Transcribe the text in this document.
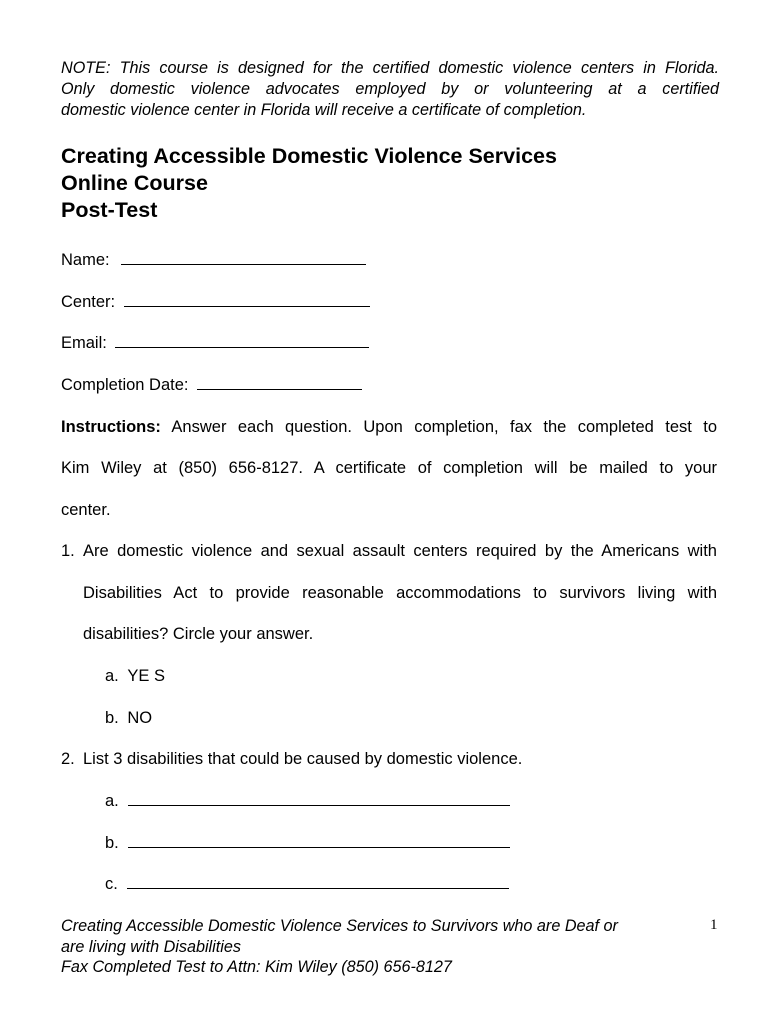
NOTE: This course is designed for the certified domestic violence centers in Florida.
Only domestic violence advocates employed by or volunteering at a certified
domestic violence center in Florida will receive a certificate of completion.
Creating Accessible Domestic Violence Services
Online Course
Post-Test
Name:
Center:
Email:
Completion Date:
Instructions: Answer each question. Upon completion, fax the completed test to
Kim Wiley at (850) 656-8127. A certificate of completion will be mailed to your
center.
1. Are domestic violence and sexual assault centers required by the Americans with
Disabilities Act to provide reasonable accommodations to survivors living with
disabilities? Circle your answer.
a. YE S
b. NO
2. List 3 disabilities that could be caused by domestic violence.
a.
b.
c.
Creating Accessible Domestic Violence Services to Survivors who are Deaf or
are living with Disabilities
Fax Completed Test to Attn: Kim Wiley (850) 656-8127
1
